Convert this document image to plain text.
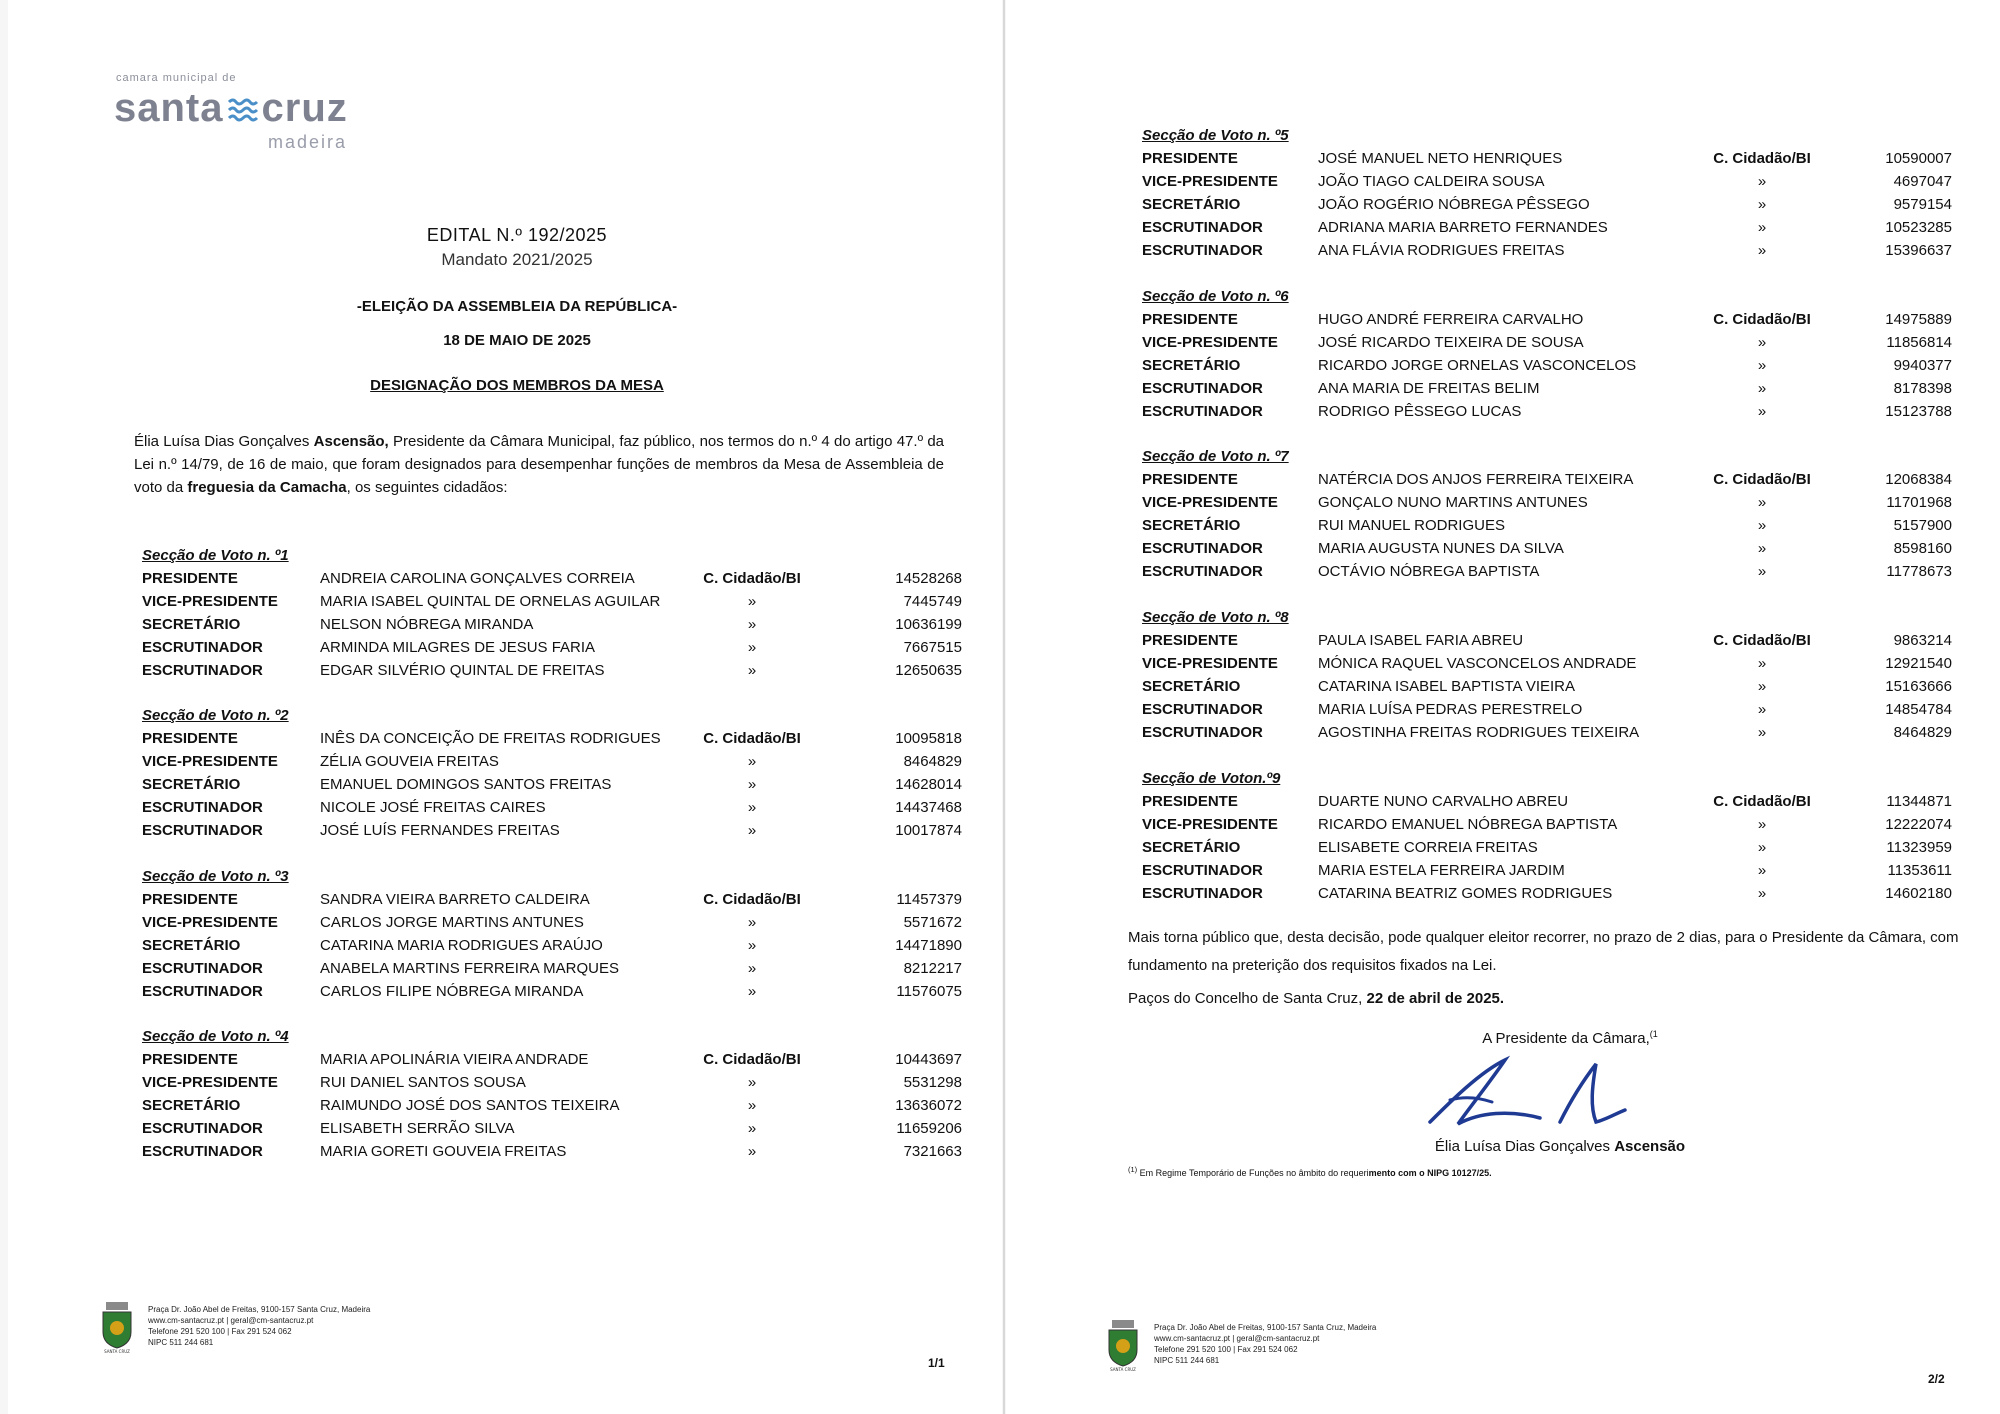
camara municipal de
santa cruz
madeira
EDITAL N.º 192/2025
Mandato 2021/2025
-ELEIÇÃO DA ASSEMBLEIA DA REPÚBLICA-
18 DE MAIO DE 2025
DESIGNAÇÃO DOS MEMBROS DA MESA
Élia Luísa Dias Gonçalves Ascensão, Presidente da Câmara Municipal, faz público, nos termos do n.º 4 do artigo 47.º da Lei n.º 14/79, de 16 de maio, que foram designados para desempenhar funções de membros da Mesa de Assembleia de voto da freguesia da Camacha, os seguintes cidadãos:
Secção de Voto n. º1
PRESIDENTE	ANDREIA CAROLINA GONÇALVES CORREIA	C. Cidadão/BI	14528268
VICE-PRESIDENTE	MARIA ISABEL QUINTAL DE ORNELAS AGUILAR	»	7445749
SECRETÁRIO	NELSON NÓBREGA MIRANDA	»	10636199
ESCRUTINADOR	ARMINDA MILAGRES DE JESUS FARIA	»	7667515
ESCRUTINADOR	EDGAR SILVÉRIO QUINTAL DE FREITAS	»	12650635
Secção de Voto n. º2
PRESIDENTE	INÊS DA CONCEIÇÃO DE FREITAS RODRIGUES	C. Cidadão/BI	10095818
VICE-PRESIDENTE	ZÉLIA GOUVEIA FREITAS	»	8464829
SECRETÁRIO	EMANUEL DOMINGOS SANTOS FREITAS	»	14628014
ESCRUTINADOR	NICOLE JOSÉ FREITAS CAIRES	»	14437468
ESCRUTINADOR	JOSÉ LUÍS FERNANDES FREITAS	»	10017874
Secção de Voto n. º3
PRESIDENTE	SANDRA VIEIRA BARRETO CALDEIRA	C. Cidadão/BI	11457379
VICE-PRESIDENTE	CARLOS JORGE MARTINS ANTUNES	»	5571672
SECRETÁRIO	CATARINA MARIA RODRIGUES ARAÚJO	»	14471890
ESCRUTINADOR	ANABELA MARTINS FERREIRA MARQUES	»	8212217
ESCRUTINADOR	CARLOS FILIPE NÓBREGA MIRANDA	»	11576075
Secção de Voto n. º4
PRESIDENTE	MARIA APOLINÁRIA VIEIRA ANDRADE	C. Cidadão/BI	10443697
VICE-PRESIDENTE	RUI DANIEL SANTOS SOUSA	»	5531298
SECRETÁRIO	RAIMUNDO JOSÉ DOS SANTOS TEIXEIRA	»	13636072
ESCRUTINADOR	ELISABETH SERRÃO SILVA	»	11659206
ESCRUTINADOR	MARIA GORETI GOUVEIA FREITAS	»	7321663
Secção de Voto n. º5
PRESIDENTE	JOSÉ MANUEL NETO HENRIQUES	C. Cidadão/BI	10590007
VICE-PRESIDENTE	JOÃO TIAGO CALDEIRA SOUSA	»	4697047
SECRETÁRIO	JOÃO ROGÉRIO NÓBREGA PÊSSEGO	»	9579154
ESCRUTINADOR	ADRIANA MARIA BARRETO FERNANDES	»	10523285
ESCRUTINADOR	ANA FLÁVIA RODRIGUES FREITAS	»	15396637
Secção de Voto n. º6
PRESIDENTE	HUGO ANDRÉ FERREIRA CARVALHO	C. Cidadão/BI	14975889
VICE-PRESIDENTE	JOSÉ RICARDO TEIXEIRA DE SOUSA	»	11856814
SECRETÁRIO	RICARDO JORGE ORNELAS VASCONCELOS	»	9940377
ESCRUTINADOR	ANA MARIA DE FREITAS BELIM	»	8178398
ESCRUTINADOR	RODRIGO PÊSSEGO LUCAS	»	15123788
Secção de Voto n. º7
PRESIDENTE	NATÉRCIA DOS ANJOS FERREIRA TEIXEIRA	C. Cidadão/BI	12068384
VICE-PRESIDENTE	GONÇALO NUNO MARTINS ANTUNES	»	11701968
SECRETÁRIO	RUI MANUEL RODRIGUES	»	5157900
ESCRUTINADOR	MARIA AUGUSTA NUNES DA SILVA	»	8598160
ESCRUTINADOR	OCTÁVIO NÓBREGA BAPTISTA	»	11778673
Secção de Voto n. º8
PRESIDENTE	PAULA ISABEL FARIA ABREU	C. Cidadão/BI	9863214
VICE-PRESIDENTE	MÓNICA RAQUEL VASCONCELOS ANDRADE	»	12921540
SECRETÁRIO	CATARINA ISABEL BAPTISTA VIEIRA	»	15163666
ESCRUTINADOR	MARIA LUÍSA PEDRAS PERESTRELO	»	14854784
ESCRUTINADOR	AGOSTINHA FREITAS RODRIGUES TEIXEIRA	»	8464829
Secção de Voton.º9
PRESIDENTE	DUARTE NUNO CARVALHO ABREU	C. Cidadão/BI	11344871
VICE-PRESIDENTE	RICARDO EMANUEL NÓBREGA BAPTISTA	»	12222074
SECRETÁRIO	ELISABETE CORREIA FREITAS	»	11323959
ESCRUTINADOR	MARIA ESTELA FERREIRA JARDIM	»	11353611
ESCRUTINADOR	CATARINA BEATRIZ GOMES RODRIGUES	»	14602180
Mais torna público que, desta decisão, pode qualquer eleitor recorrer, no prazo de 2 dias, para o Presidente da Câmara, com fundamento na preterição dos requisitos fixados na Lei.
Paços do Concelho de Santa Cruz, 22 de abril de 2025.
A Presidente da Câmara,$^{(1}$
Élia Luísa Dias Gonçalves Ascensão
$^{(1)}$ Em Regime Temporário de Funções no âmbito do requerimento com o NIPG 10127/25.
SANTA CRUZ
Praça Dr. João Abel de Freitas, 9100-157 Santa Cruz, Madeira
www.cm-santacruz.pt | geral@cm-santacruz.pt
Telefone 291 520 100 | Fax 291 524 062
NIPC 511 244 681
1/1	SANTA CRUZ
Praça Dr. João Abel de Freitas, 9100-157 Santa Cruz, Madeira
www.cm-santacruz.pt | geral@cm-santacruz.pt
Telefone 291 520 100 | Fax 291 524 062
NIPC 511 244 681
2/2
